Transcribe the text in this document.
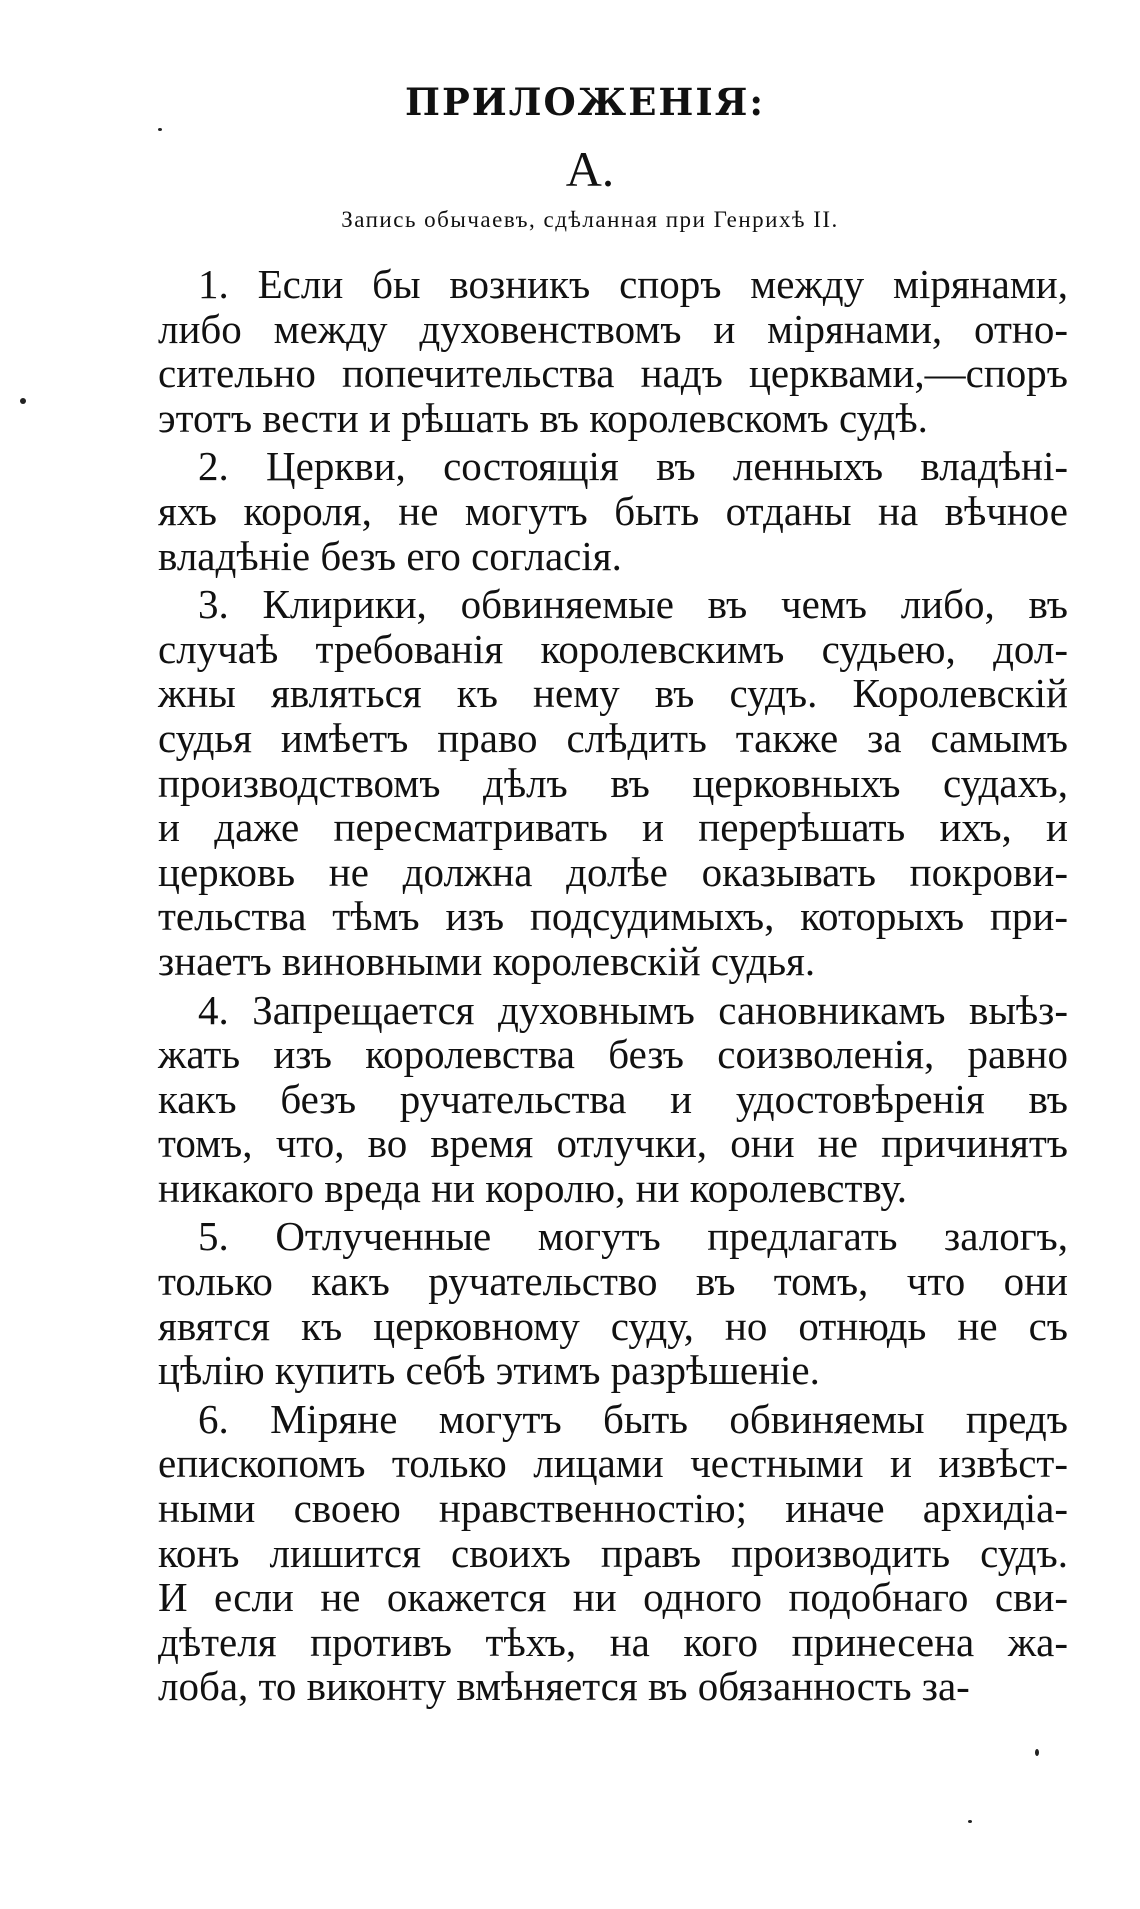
ПРИЛОЖЕНІЯ:
А.
Запись обычаевъ, сдѣланная при Генрихѣ II.
1. Если бы возникъ споръ между мірянами,
либо между духовенствомъ и мірянами, отно-
сительно попечительства надъ церквами,—споръ
этотъ вести и рѣшать въ королевскомъ судѣ.
2. Церкви, состоящія въ ленныхъ владѣні-
яхъ короля, не могутъ быть отданы на вѣчное
владѣніе безъ его согласія.
3. Клирики, обвиняемые въ чемъ либо, въ
случаѣ требованія королевскимъ судьею, дол-
жны являться къ нему въ судъ. Королевскій
судья имѣетъ право слѣдить также за самымъ
производствомъ дѣлъ въ церковныхъ судахъ,
и даже пересматривать и перерѣшать ихъ, и
церковь не должна долѣе оказывать покрови-
тельства тѣмъ изъ подсудимыхъ, которыхъ при-
знаетъ виновными королевскій судья.
4. Запрещается духовнымъ сановникамъ выѣз-
жать изъ королевства безъ соизволенія, равно
какъ безъ ручательства и удостовѣренія въ
томъ, что, во время отлучки, они не причинятъ
никакого вреда ни королю, ни королевству.
5. Отлученные могутъ предлагать залогъ,
только какъ ручательство въ томъ, что они
явятся къ церковному суду, но отнюдь не съ
цѣлію купить себѣ этимъ разрѣшеніе.
6. Міряне могутъ быть обвиняемы предъ
епископомъ только лицами честными и извѣст-
ными своею нравственностію; иначе архидіа-
конъ лишится своихъ правъ производить судъ.
И если не окажется ни одного подобнаго сви-
дѣтеля противъ тѣхъ, на кого принесена жа-
лоба, то виконту вмѣняется въ обязанность за-
